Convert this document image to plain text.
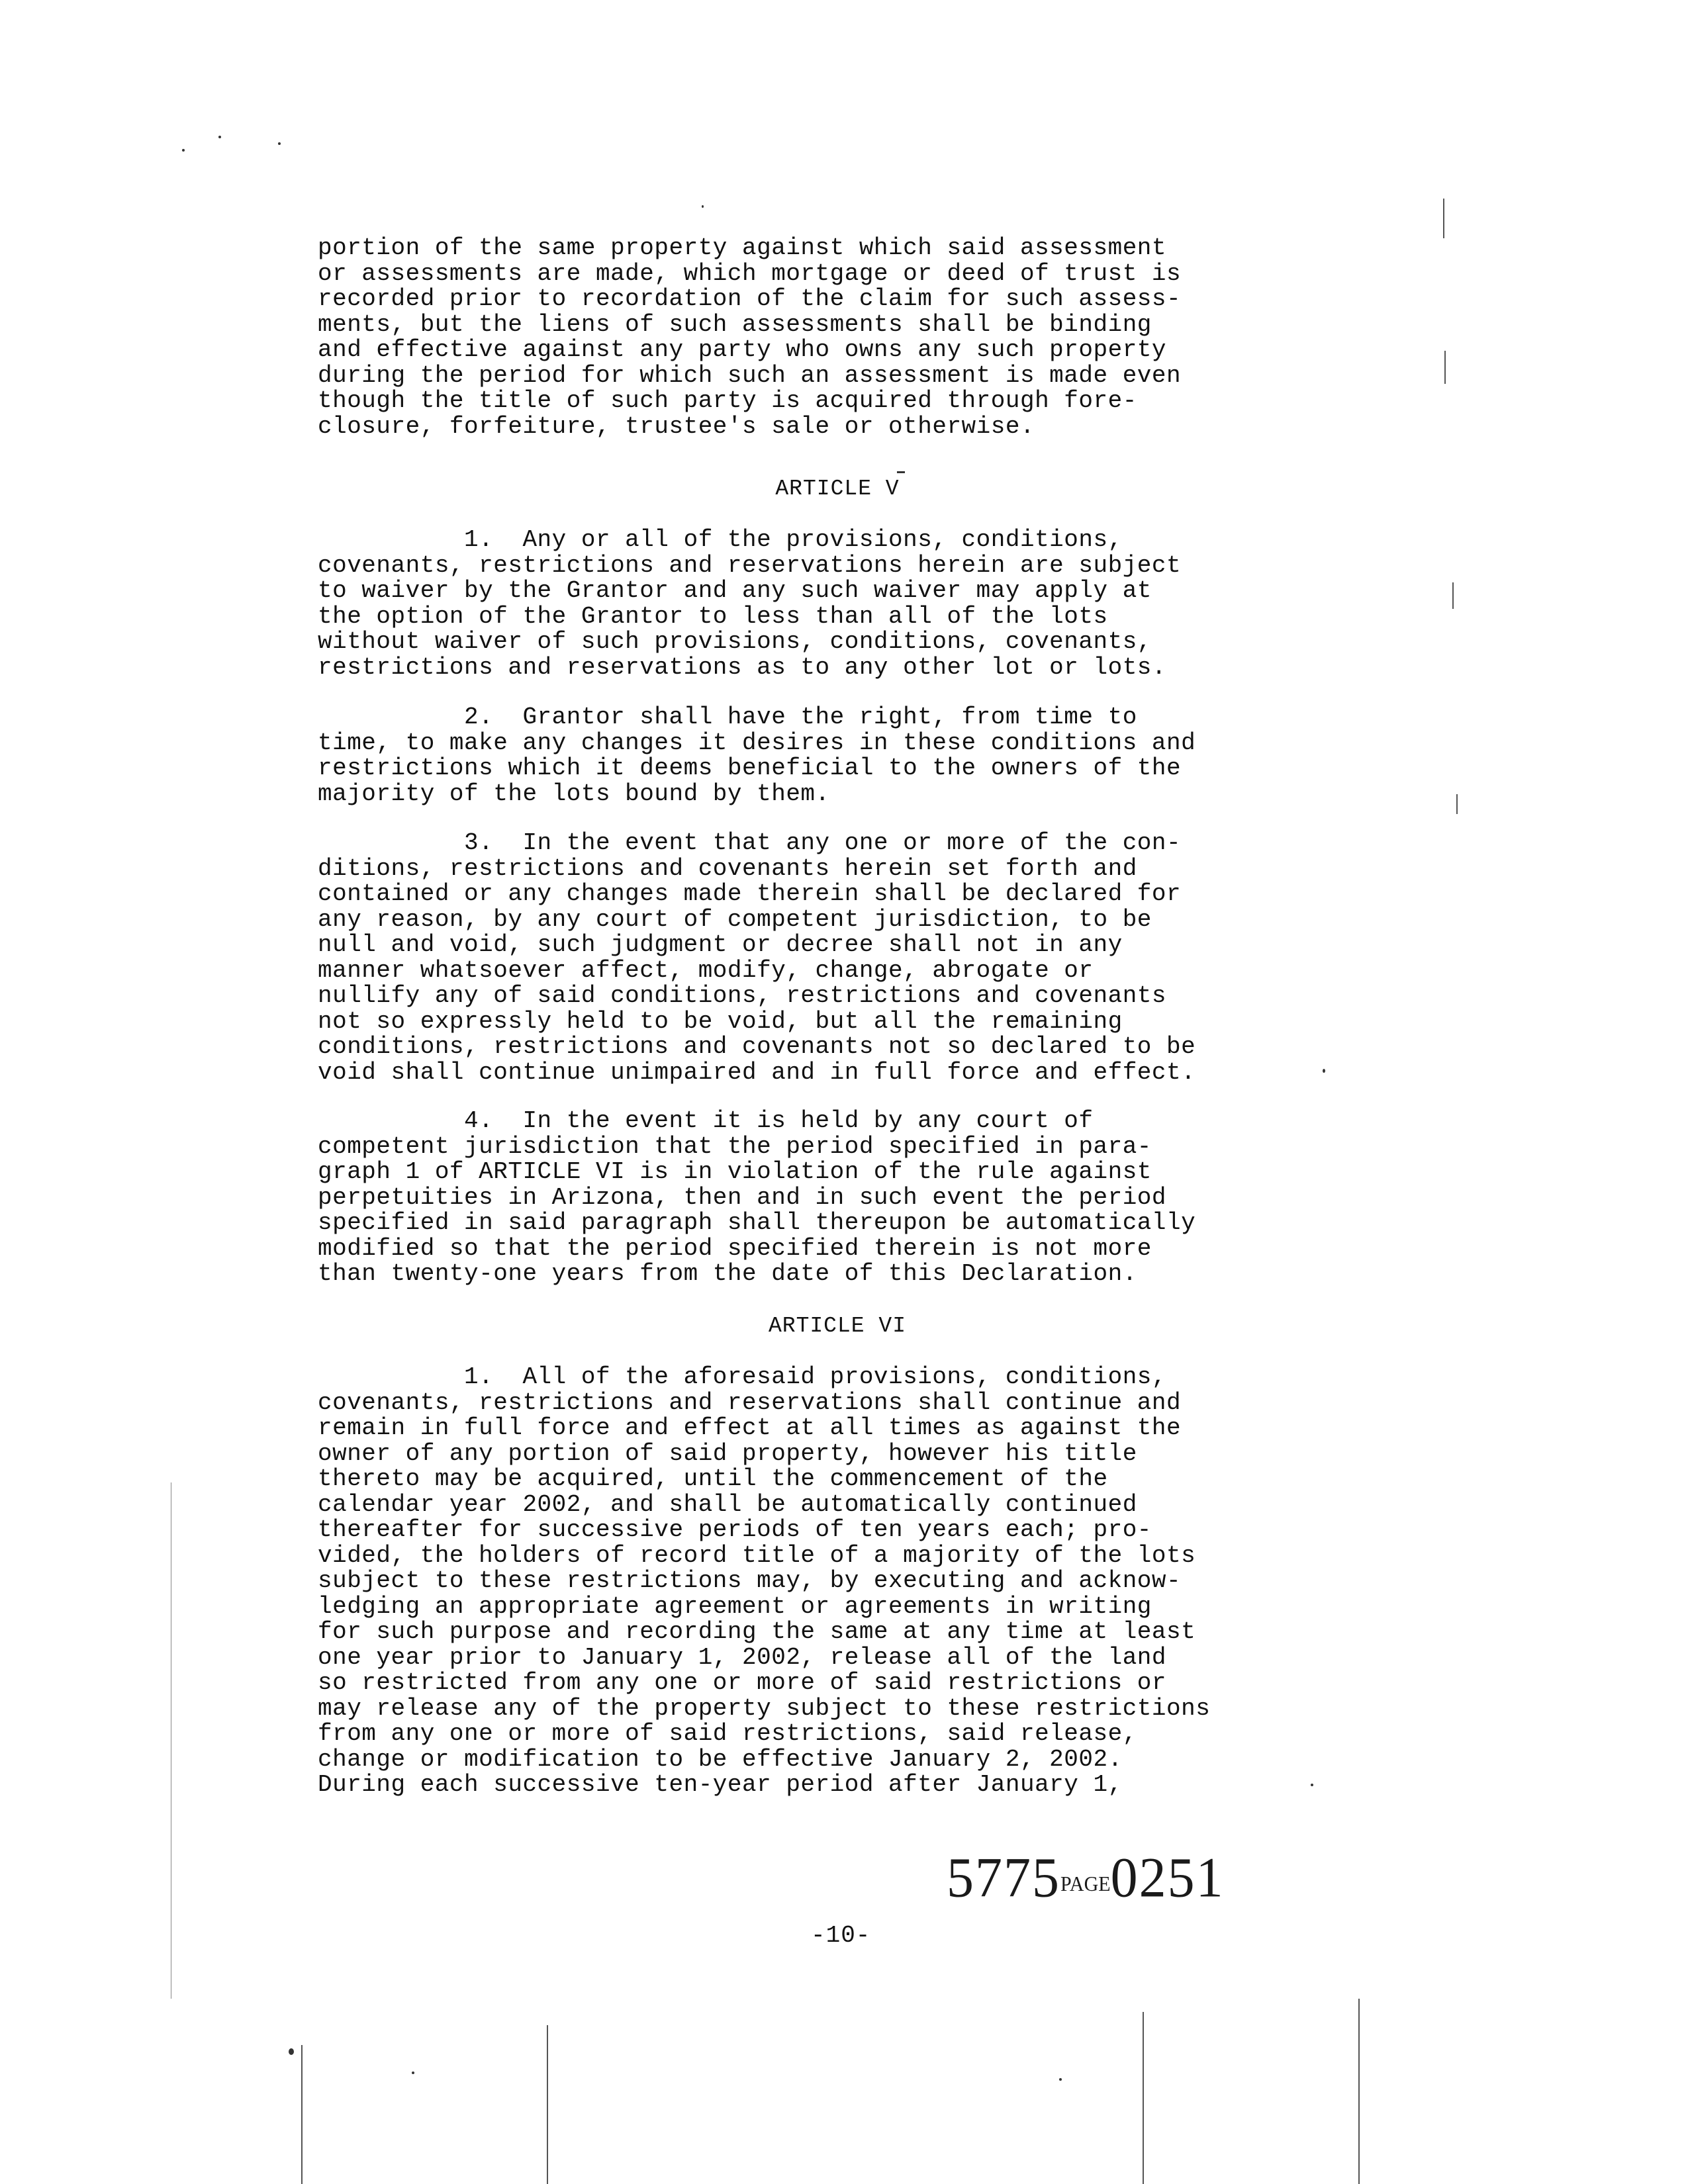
portion of the same property against which said assessment
or assessments are made, which mortgage or deed of trust is
recorded prior to recordation of the claim for such assess-
ments, but the liens of such assessments shall be binding
and effective against any party who owns any such property
during the period for which such an assessment is made even
though the title of such party is acquired through fore-
closure, forfeiture, trustee's sale or otherwise.
ARTICLE V
1.  Any or all of the provisions, conditions,
covenants, restrictions and reservations herein are subject
to waiver by the Grantor and any such waiver may apply at
the option of the Grantor to less than all of the lots
without waiver of such provisions, conditions, covenants,
restrictions and reservations as to any other lot or lots.
2.  Grantor shall have the right, from time to
time, to make any changes it desires in these conditions and
restrictions which it deems beneficial to the owners of the
majority of the lots bound by them.
3.  In the event that any one or more of the con-
ditions, restrictions and covenants herein set forth and
contained or any changes made therein shall be declared for
any reason, by any court of competent jurisdiction, to be
null and void, such judgment or decree shall not in any
manner whatsoever affect, modify, change, abrogate or
nullify any of said conditions, restrictions and covenants
not so expressly held to be void, but all the remaining
conditions, restrictions and covenants not so declared to be
void shall continue unimpaired and in full force and effect.
4.  In the event it is held by any court of
competent jurisdiction that the period specified in para-
graph 1 of ARTICLE VI is in violation of the rule against
perpetuities in Arizona, then and in such event the period
specified in said paragraph shall thereupon be automatically
modified so that the period specified therein is not more
than twenty-one years from the date of this Declaration.
ARTICLE VI
1.  All of the aforesaid provisions, conditions,
covenants, restrictions and reservations shall continue and
remain in full force and effect at all times as against the
owner of any portion of said property, however his title
thereto may be acquired, until the commencement of the
calendar year 2002, and shall be automatically continued
thereafter for successive periods of ten years each; pro-
vided, the holders of record title of a majority of the lots
subject to these restrictions may, by executing and acknow-
ledging an appropriate agreement or agreements in writing
for such purpose and recording the same at any time at least
one year prior to January 1, 2002, release all of the land
so restricted from any one or more of said restrictions or
may release any of the property subject to these restrictions
from any one or more of said restrictions, said release,
change or modification to be effective January 2, 2002.
During each successive ten-year period after January 1,
5775PAGE0251
-10-
